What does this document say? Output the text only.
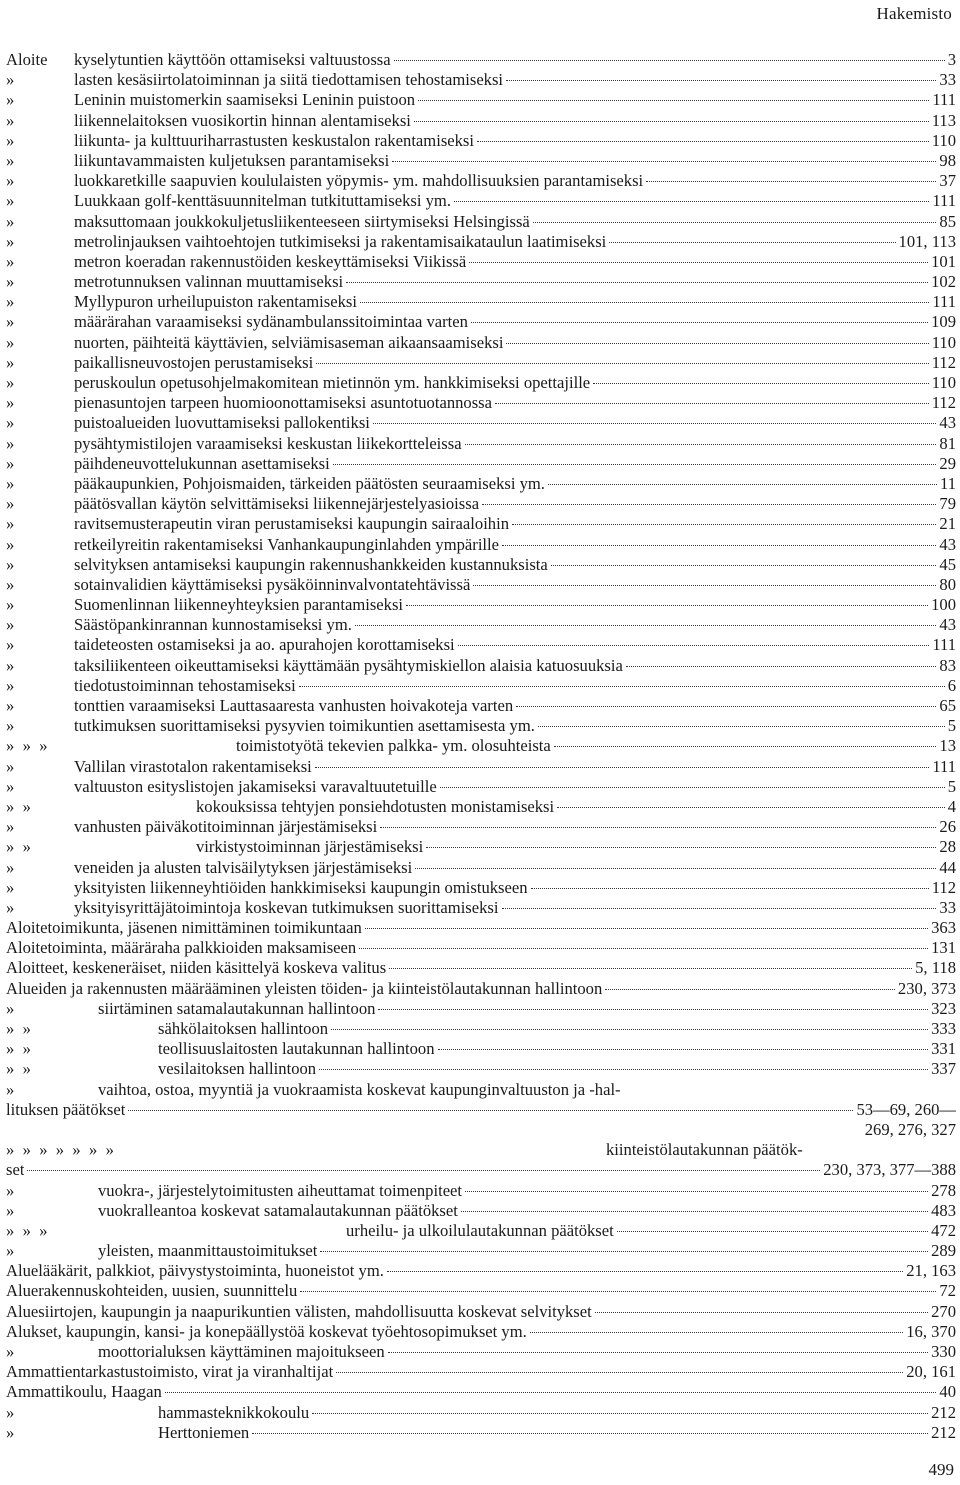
Hakemisto
Aloite	kyselytuntien käyttöön ottamiseksi valtuustossa	3
»	lasten kesäsiirtolatoiminnan ja siitä tiedottamisen tehostamiseksi	33
»	Leninin muistomerkin saamiseksi Leninin puistoon	111
»	liikennelaitoksen vuosikortin hinnan alentamiseksi	113
»	liikunta- ja kulttuuriharrastusten keskustalon rakentamiseksi	110
»	liikuntavammaisten kuljetuksen parantamiseksi	98
»	luokkaretkille saapuvien koululaisten yöpymis- ym. mahdollisuuksien parantamiseksi	37
»	Luukkaan golf-kenttäsuunnitelman tutkituttamiseksi ym.	111
»	maksuttomaan joukkokuljetusliikenteeseen siirtymiseksi Helsingissä	85
»	metrolinjauksen vaihtoehtojen tutkimiseksi ja rakentamisaikataulun laatimiseksi	101, 113
»	metron koeradan rakennustöiden keskeyttämiseksi Viikissä	101
»	metrotunnuksen valinnan muuttamiseksi	102
»	Myllypuron urheilupuiston rakentamiseksi	111
»	määrärahan varaamiseksi sydänambulanssitoimintaa varten	109
»	nuorten, päihteitä käyttävien, selviämisaseman aikaansaamiseksi	110
»	paikallisneuvostojen perustamiseksi	112
»	peruskoulun opetusohjelmakomitean mietinnön ym. hankkimiseksi opettajille	110
»	pienasuntojen tarpeen huomioonottamiseksi asuntotuotannossa	112
»	puistoalueiden luovuttamiseksi pallokentiksi	43
»	pysähtymistilojen varaamiseksi keskustan liikekortteleissa	81
»	päihdeneuvottelukunnan asettamiseksi	29
»	pääkaupunkien, Pohjoismaiden, tärkeiden päätösten seuraamiseksi ym.	11
»	päätösvallan käytön selvittämiseksi liikennejärjestelyasioissa	79
»	ravitsemusterapeutin viran perustamiseksi kaupungin sairaaloihin	21
»	retkeilyreitin rakentamiseksi Vanhankaupunginlahden ympärille	43
»	selvityksen antamiseksi kaupungin rakennushankkeiden kustannuksista	45
»	sotainvalidien käyttämiseksi pysäköinninvalvontatehtävissä	80
»	Suomenlinnan liikenneyhteyksien parantamiseksi	100
»	Säästöpankinrannan kunnostamiseksi ym.	43
»	taideteosten ostamiseksi ja ao. apurahojen korottamiseksi	111
»	taksiliikenteen oikeuttamiseksi käyttämään pysähtymiskiellon alaisia katuosuuksia	83
»	tiedotustoiminnan tehostamiseksi	6
»	tonttien varaamiseksi Lauttasaaresta vanhusten hoivakoteja varten	65
»	tutkimuksen suorittamiseksi pysyvien toimikuntien asettamisesta ym.	5
»  »  »	toimistotyötä tekevien palkka- ym. olosuhteista	13
»	Vallilan virastotalon rakentamiseksi	111
»	valtuuston esityslistojen jakamiseksi varavaltuutetuille	5
»  »	kokouksissa tehtyjen ponsiehdotusten monistamiseksi	4
»	vanhusten päiväkotitoiminnan järjestämiseksi	26
»  »	virkistystoiminnan järjestämiseksi	28
»	veneiden ja alusten talvisäilytyksen järjestämiseksi	44
»	yksityisten liikenneyhtiöiden hankkimiseksi kaupungin omistukseen	112
»	yksityisyrittäjätoimintoja koskevan tutkimuksen suorittamiseksi	33
Aloitetoimikunta, jäsenen nimittäminen toimikuntaan	363
Aloitetoiminta, määräraha palkkioiden maksamiseen	131
Aloitteet, keskeneräiset, niiden käsittelyä koskeva valitus	5, 118
Alueiden ja rakennusten määrääminen yleisten töiden- ja kiinteistölautakunnan hallintoon	230, 373
»	siirtäminen satamalautakunnan hallintoon	323
»  »	sähkölaitoksen hallintoon	333
»  »	teollisuuslaitosten lautakunnan hallintoon	331
»  »	vesilaitoksen hallintoon	337
»	vaihtoa, ostoa, myyntiä ja vuokraamista koskevat kaupunginvaltuuston ja -hal-
lituksen päätökset	53—69, 260—
269, 276, 327
»  »  »  »  »  »  »	kiinteistölautakunnan päätök-
set	230, 373, 377—388
»	vuokra-, järjestelytoimitusten aiheuttamat toimenpiteet	278
»	vuokralleantoa koskevat satamalautakunnan päätökset	483
»  »  »	urheilu- ja ulkoilulautakunnan päätökset	472
»	yleisten, maanmittaustoimitukset	289
Aluelääkärit, palkkiot, päivystystoiminta, huoneistot ym.	21, 163
Aluerakennuskohteiden, uusien, suunnittelu	72
Aluesiirtojen, kaupungin ja naapurikuntien välisten, mahdollisuutta koskevat selvitykset	270
Alukset, kaupungin, kansi- ja konepäällystöä koskevat työehtosopimukset ym.	16, 370
»	moottorialuksen käyttäminen majoitukseen	330
Ammattientarkastustoimisto, virat ja viranhaltijat	20, 161
Ammattikoulu, Haagan	40
»	hammasteknikkokoulu	212
»	Herttoniemen	212
499
